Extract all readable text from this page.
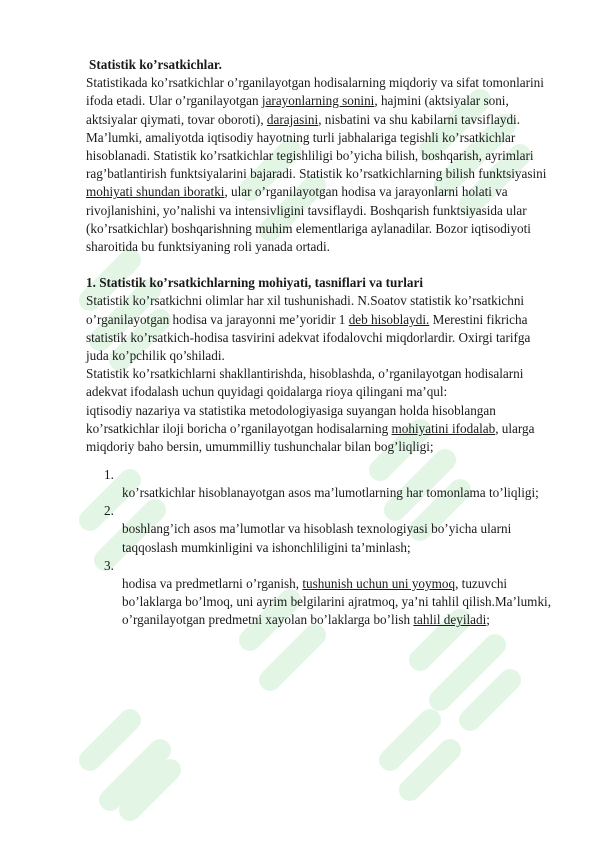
Statistik ko’rsatkichlar.

Statistikada ko’rsatkichlar o’rganilayotgan hodisalarning miqdoriy va sifat tomonlarini ifoda etadi. Ular o’rganilayotgan jarayonlarning sonini, hajmini (aktsiyalar soni, aktsiyalar qiymati, tovar oboroti), darajasini, nisbatini va shu kabilarni tavsiflaydi. Ma’lumki, amaliyotda iqtisodiy hayotning turli jabhalariga tegishli ko’rsatkichlar hisoblanadi. Statistik ko’rsatkichlar tegishliligi bo’yicha bilish, boshqarish, ayrimlari rag’batlantirish funktsiyalarini bajaradi. Statistik ko’rsatkichlarning bilish funktsiyasini mohiyati shundan iboratki, ular o’rganilayotgan hodisa va jarayonlarni holati va rivojlanishini, yo’nalishi va intensivligini tavsiflaydi. Boshqarish funktsiyasida ular (ko’rsatkichlar) boshqarishning muhim elementlariga aylanadilar. Bozor iqtisodiyoti sharoitida bu funktsiyaning roli yanada ortadi.

1. Statistik ko’rsatkichlarning mohiyati, tasniflari va turlari

Statistik ko’rsatkichni olimlar har xil tushunishadi. N.Soatov statistik ko’rsatkichni o’rganilayotgan hodisa va jarayonni me’yoridir 1 deb hisoblaydi. Merestini fikricha statistik ko’rsatkich-hodisa tasvirini adekvat ifodalovchi miqdorlardir. Oxirgi tarifga juda ko’pchilik qo’shiladi.

Statistik ko’rsatkichlarni shakllantirishda, hisoblashda, o’rganilayotgan hodisalarni adekvat ifodalash uchun quyidagi qoidalarga rioya qilingani ma’qul:

iqtisodiy nazariya va statistika metodologiyasiga suyangan holda hisoblangan ko’rsatkichlar iloji boricha o’rganilayotgan hodisalarning mohiyatini ifodalab, ularga miqdoriy baho bersin, umummilliy tushunchalar bilan bog’liqligi;

1.
ko’rsatkichlar hisoblanayotgan asos ma’lumotlarning har tomonlama to’liqligi;
2.
boshlang’ich asos ma’lumotlar va hisoblash texnologiyasi bo’yicha ularni taqqoslash mumkinligini va ishonchliligini ta’minlash;
3.
hodisa va predmetlarni o’rganish, tushunish uchun uni yoymoq, tuzuvchi bo’laklarga bo’lmoq, uni ayrim belgilarini ajratmoq, ya’ni tahlil qilish.Ma’lumki, o’rganilayotgan predmetni xayolan bo’laklarga bo’lish tahlil deyiladi;
